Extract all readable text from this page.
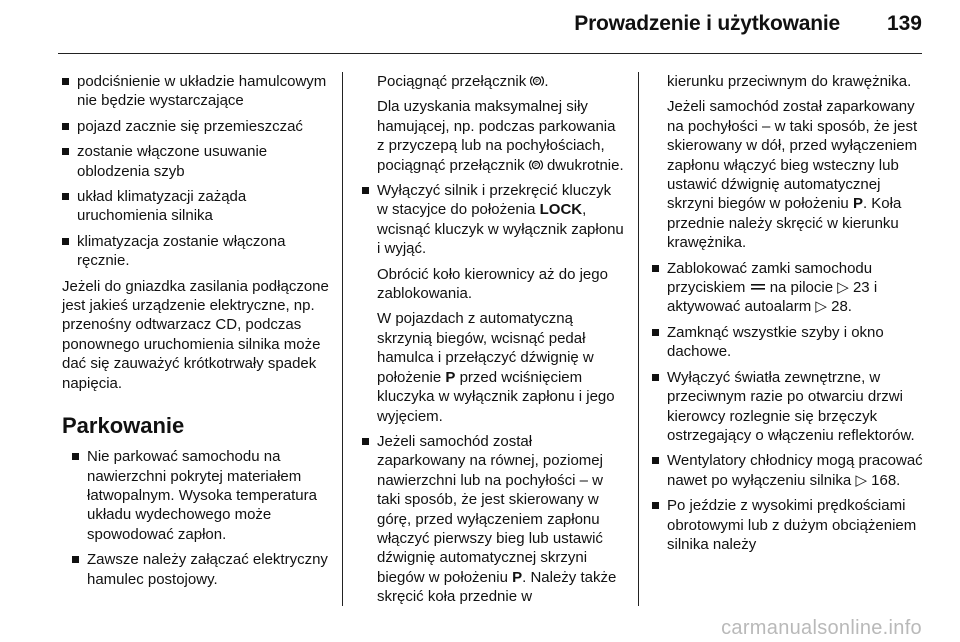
Prowadzenie i użytkowanie 139
podciśnienie w układzie hamulcowym nie będzie wystarczające
pojazd zacznie się przemieszczać
zostanie włączone usuwanie oblodzenia szyb
układ klimatyzacji zażąda uruchomienia silnika
klimatyzacja zostanie włączona ręcznie.
Jeżeli do gniazdka zasilania podłączone jest jakieś urządzenie elektryczne, np. przenośny odtwarzacz CD, podczas ponownego uruchomienia silnika może dać się zauważyć krótkotrwały spadek napięcia.
Parkowanie
Nie parkować samochodu na nawierzchni pokrytej materiałem łatwopalnym. Wysoka temperatura układu wydechowego może spowodować zapłon.
Zawsze należy załączać elektryczny hamulec postojowy.
Pociągnąć przełącznik P .
Dla uzyskania maksymalnej siły hamującej, np. podczas parkowania z przyczepą lub na pochyłościach, pociągnąć przełącznik P dwukrotnie.
Wyłączyć silnik i przekręcić kluczyk w stacyjce do położenia LOCK, wcisnąć kluczyk w wyłącznik zapłonu i wyjąć.
Obrócić koło kierownicy aż do jego zablokowania.
W pojazdach z automatyczną skrzynią biegów, wcisnąć pedał hamulca i przełączyć dźwignię w położenie P przed wciśnięciem kluczyka w wyłącznik zapłonu i jego wyjęciem.
Jeżeli samochód został zaparkowany na równej, poziomej nawierzchni lub na pochyłości – w taki sposób, że jest skierowany w górę, przed wyłączeniem zapłonu włączyć pierwszy bieg lub ustawić dźwignię automatycznej skrzyni biegów w położeniu P. Należy także skręcić koła przednie w
kierunku przeciwnym do krawężnika.
Jeżeli samochód został zaparkowany na pochyłości – w taki sposób, że jest skierowany w dół, przed wyłączeniem zapłonu włączyć bieg wsteczny lub ustawić dźwignię automatycznej skrzyni biegów w położeniu P. Koła przednie należy skręcić w kierunku krawężnika.
Zablokować zamki samochodu przyciskiem na pilocie ▷ 23 i aktywować autoalarm ▷ 28.
Zamknąć wszystkie szyby i okno dachowe.
Wyłączyć światła zewnętrzne, w przeciwnym razie po otwarciu drzwi kierowcy rozlegnie się brzęczyk ostrzegający o włączeniu reflektorów.
Wentylatory chłodnicy mogą pracować nawet po wyłączeniu silnika ▷ 168.
Po jeździe z wysokimi prędkościami obrotowymi lub z dużym obciążeniem silnika należy
carmanualsonline.info
